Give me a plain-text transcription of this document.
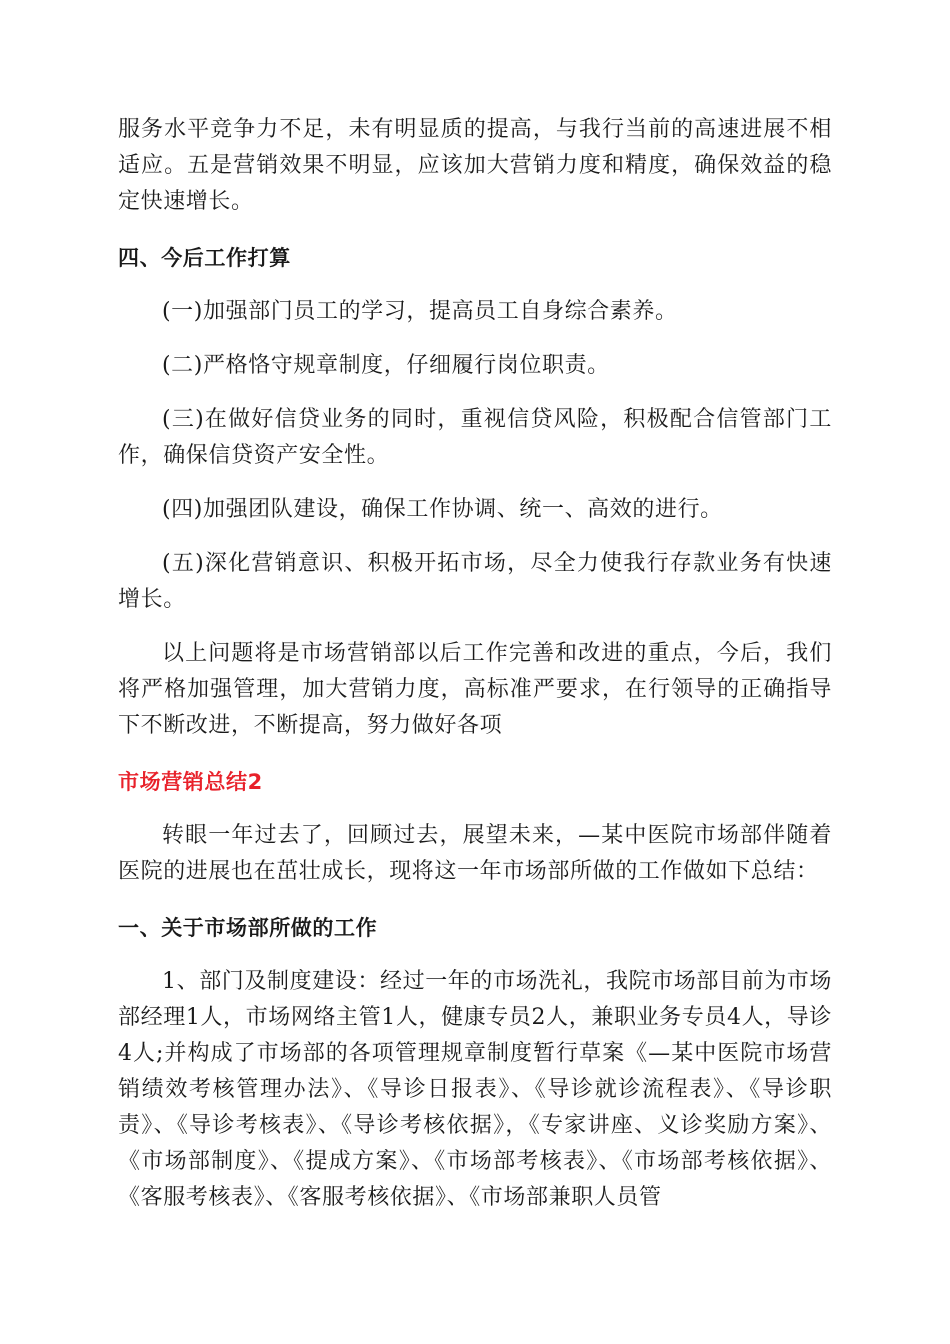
服务水平竞争力不足，未有明显质的提高，与我行当前的高速进展不相适应。五是营销效果不明显，应该加大营销力度和精度，确保效益的稳定快速增长。

四、今后工作打算

(一)加强部门员工的学习，提高员工自身综合素养。

(二)严格恪守规章制度，仔细履行岗位职责。

(三)在做好信贷业务的同时，重视信贷风险，积极配合信管部门工作，确保信贷资产安全性。

(四)加强团队建设，确保工作协调、统一、高效的进行。

(五)深化营销意识、积极开拓市场，尽全力使我行存款业务有快速增长。

以上问题将是市场营销部以后工作完善和改进的重点，今后，我们将严格加强管理，加大营销力度，高标准严要求，在行领导的正确指导下不断改进，不断提高，努力做好各项

市场营销总结2

转眼一年过去了，回顾过去，展望未来，—某中医院市场部伴随着医院的进展也在茁壮成长，现将这一年市场部所做的工作做如下总结：

一、关于市场部所做的工作

1、部门及制度建设：经过一年的市场洗礼，我院市场部目前为市场部经理1人，市场网络主管1人，健康专员2人，兼职业务专员4人，导诊4人;并构成了市场部的各项管理规章制度暂行草案《—某中医院市场营销绩效考核管理办法》、《导诊日报表》、《导诊就诊流程表》、《导诊职责》、《导诊考核表》、《导诊考核依据》，《专家讲座、义诊奖励方案》、《市场部制度》、《提成方案》、《市场部考核表》、《市场部考核依据》、《客服考核表》、《客服考核依据》、《市场部兼职人员管
